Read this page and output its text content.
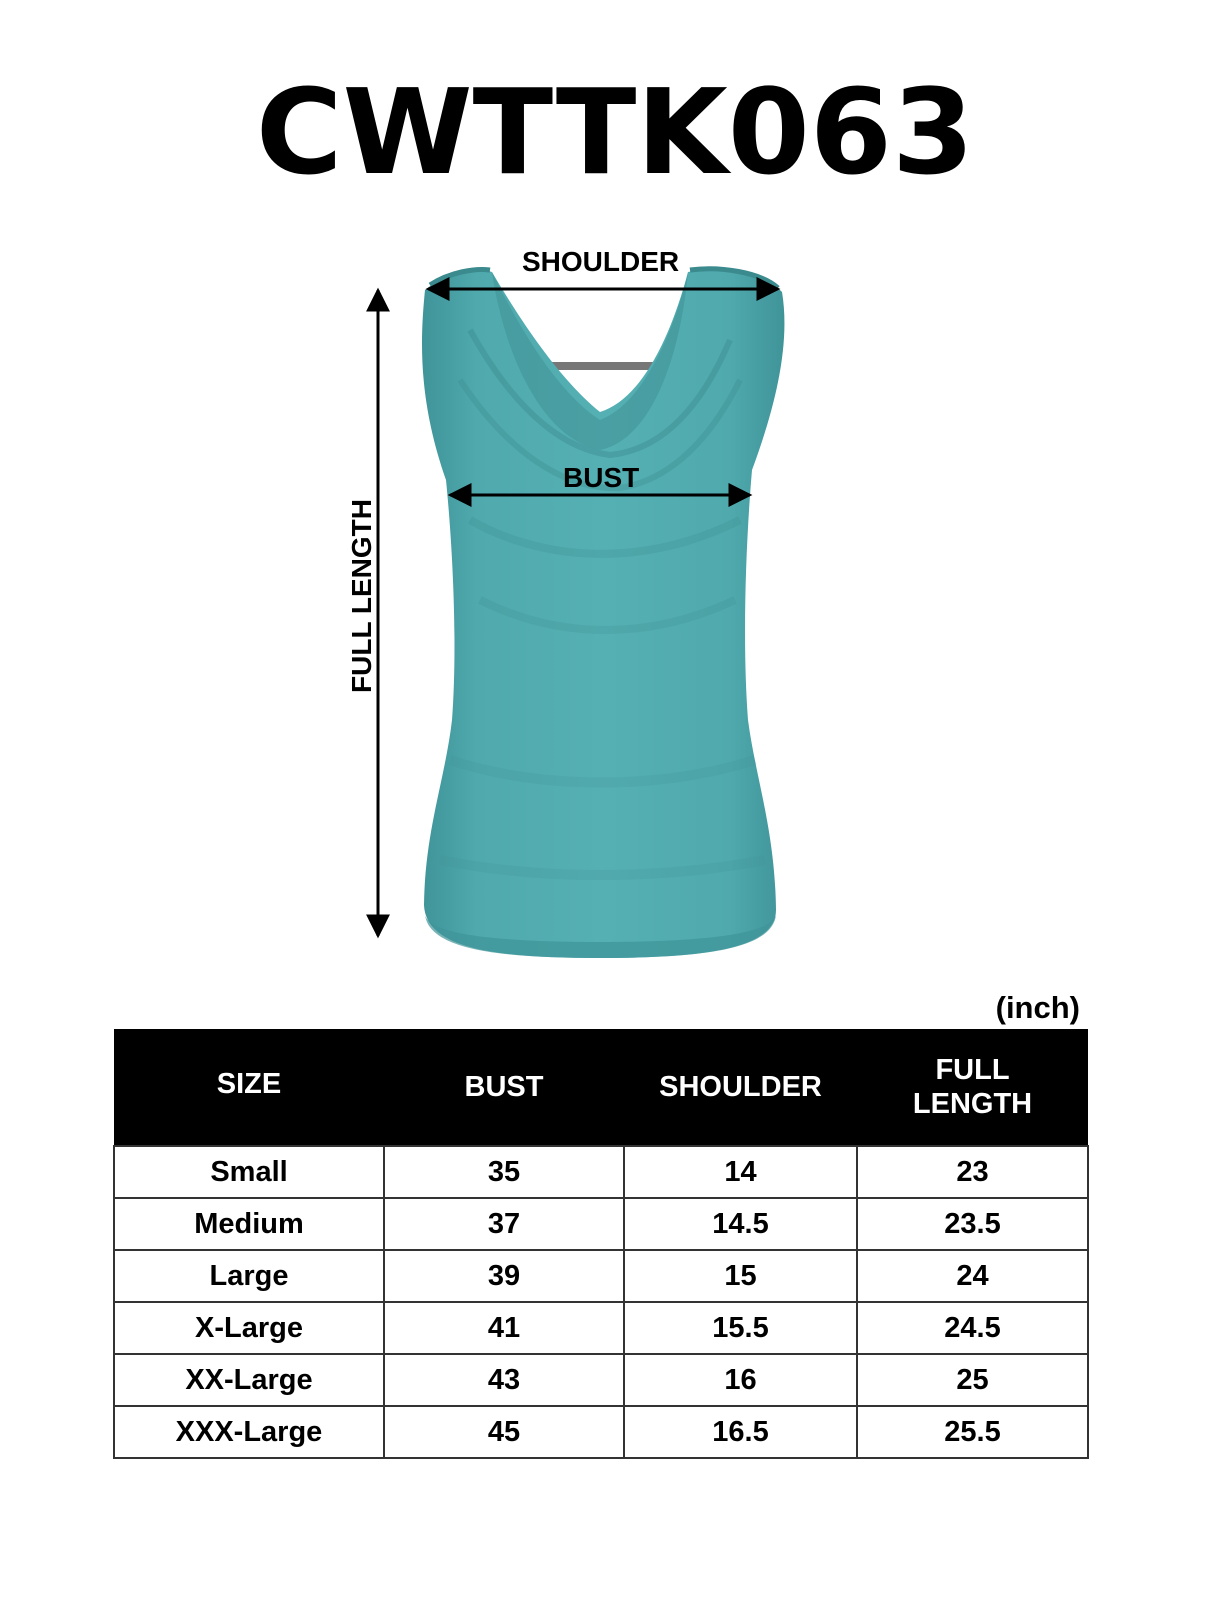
CWTTK063
SHOULDER
BUST
FULL LENGTH
(inch)
SIZE	BUST	SHOULDER	FULL
LENGTH
Small	35	14	23
Medium	37	14.5	23.5
Large	39	15	24
X-Large	41	15.5	24.5
XX-Large	43	16	25
XXX-Large	45	16.5	25.5
